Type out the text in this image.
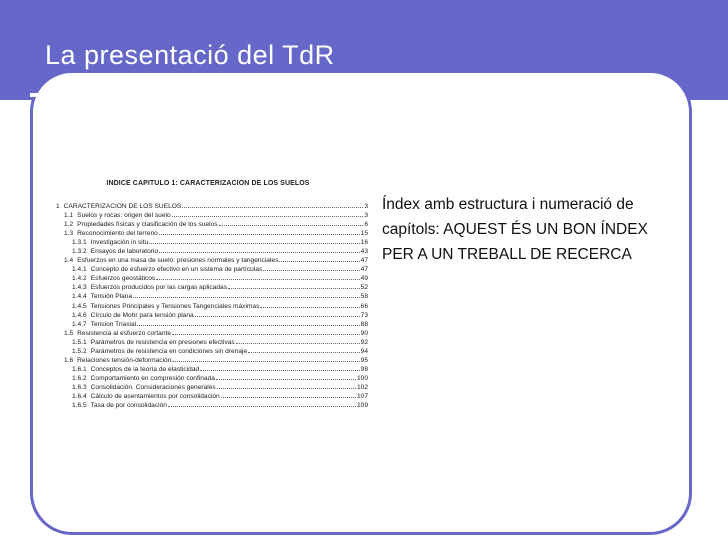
La presentació del TdR
INDICE CAPITULO 1: CARACTERIZACION DE LOS SUELOS
1 CARACTERIZACION DE LOS SUELOS	3
1.1 Suelos y rocas: origen del suelo	3
1.2 Propiedades físicas y clasificación de los suelos	6
1.3 Reconocimiento del terreno	15
1.3.1 Investigación in situ	16
1.3.2 Ensayos de laboratorio	43
1.4 Esfuerzos en una masa de suelo: presiones normales y tangenciales	47
1.4.1 Concepto de esfuerzo efectivo en un sistema de partículas	47
1.4.2 Esfuerzos geostáticos	49
1.4.3 Esfuerzos producidos por las cargas aplicadas	52
1.4.4 Tensión Plana	58
1.4.5 Tensiones Principales y Tensiones Tangenciales máximas	66
1.4.6 Círculo de Mohr para tensión plana	73
1.4.7 Tension Triaxial	88
1.5 Resistencia al esfuerzo cortante	90
1.5.1 Parámetros de resistencia en presiones efectivas	92
1.5.2 Parámetros de resistencia en condiciones sin drenaje	94
1.6 Relaciones tensión-deformación	95
1.6.1 Conceptos de la teoría de elasticidad	98
1.6.2 Comportamiento en compresión confinada	100
1.6.3 Consolidación. Consideraciones generales	102
1.6.4 Cálculo de asentamientos por consolidación	107
1.6.5 Tasa de por consolidación	109
Índex amb estructura i numeració de capítols: AQUEST ÉS UN BON ÍNDEX PER A UN TREBALL DE RECERCA
